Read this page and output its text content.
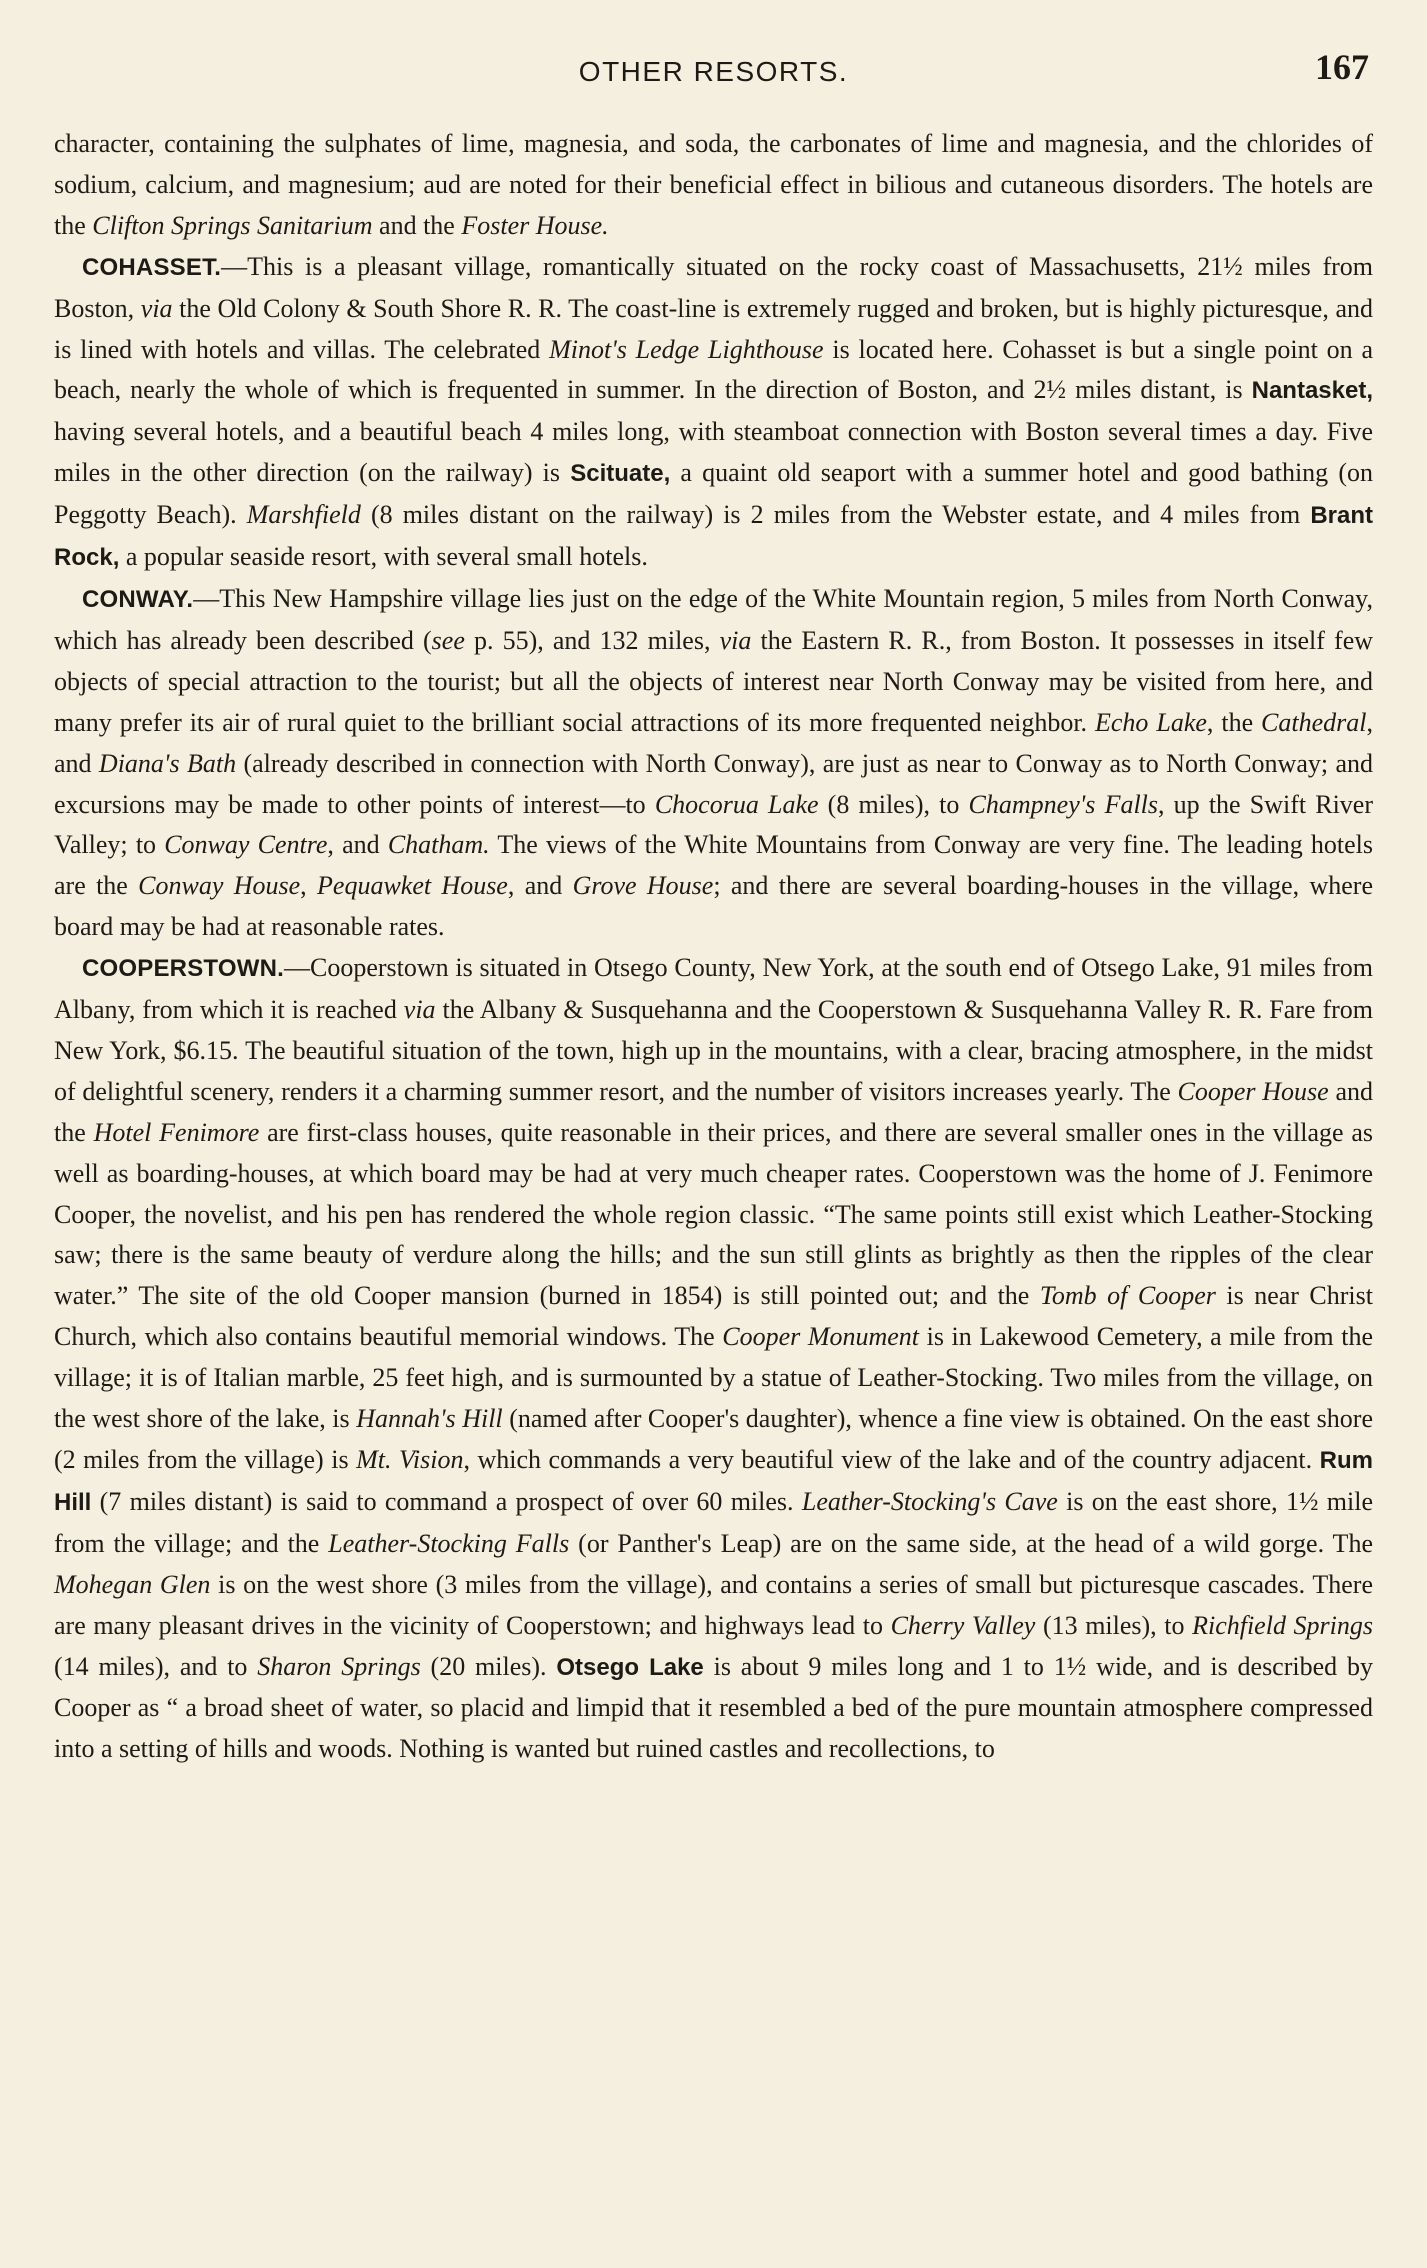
OTHER RESORTS.	167

character, containing the sulphates of lime, magnesia, and soda, the carbonates of lime and magnesia, and the chlorides of sodium, calcium, and magnesium; aud are noted for their beneficial effect in bilious and cutaneous disorders. The hotels are the Clifton Springs Sanitarium and the Foster House.

COHASSET.—This is a pleasant village, romantically situated on the rocky coast of Massachusetts, 21½ miles from Boston, via the Old Colony & South Shore R. R. The coast-line is extremely rugged and broken, but is highly picturesque, and is lined with hotels and villas. The celebrated Minot's Ledge Lighthouse is located here. Cohasset is but a single point on a beach, nearly the whole of which is frequented in summer. In the direction of Boston, and 2½ miles distant, is Nantasket, having several hotels, and a beautiful beach 4 miles long, with steamboat connection with Boston several times a day. Five miles in the other direction (on the railway) is Scituate, a quaint old seaport with a summer hotel and good bathing (on Peggotty Beach). Marshfield (8 miles distant on the railway) is 2 miles from the Webster estate, and 4 miles from Brant Rock, a popular seaside resort, with several small hotels.

CONWAY.—This New Hampshire village lies just on the edge of the White Mountain region, 5 miles from North Conway, which has already been described (see p. 55), and 132 miles, via the Eastern R. R., from Boston. It possesses in itself few objects of special attraction to the tourist; but all the objects of interest near North Conway may be visited from here, and many prefer its air of rural quiet to the brilliant social attractions of its more frequented neighbor. Echo Lake, the Cathedral, and Diana's Bath (already described in connection with North Conway), are just as near to Conway as to North Conway; and excursions may be made to other points of interest—to Chocorua Lake (8 miles), to Champney's Falls, up the Swift River Valley; to Conway Centre, and Chatham. The views of the White Mountains from Conway are very fine. The leading hotels are the Conway House, Pequawket House, and Grove House; and there are several boarding-houses in the village, where board may be had at reasonable rates.

COOPERSTOWN.—Cooperstown is situated in Otsego County, New York, at the south end of Otsego Lake, 91 miles from Albany, from which it is reached via the Albany & Susquehanna and the Cooperstown & Susquehanna Valley R. R. Fare from New York, $6.15. The beautiful situation of the town, high up in the mountains, with a clear, bracing atmosphere, in the midst of delightful scenery, renders it a charming summer resort, and the number of visitors increases yearly. The Cooper House and the Hotel Fenimore are first-class houses, quite reasonable in their prices, and there are several smaller ones in the village as well as boarding-houses, at which board may be had at very much cheaper rates. Cooperstown was the home of J. Fenimore Cooper, the novelist, and his pen has rendered the whole region classic. “The same points still exist which Leather-Stocking saw; there is the same beauty of verdure along the hills; and the sun still glints as brightly as then the ripples of the clear water.” The site of the old Cooper mansion (burned in 1854) is still pointed out; and the Tomb of Cooper is near Christ Church, which also contains beautiful memorial windows. The Cooper Monument is in Lakewood Cemetery, a mile from the village; it is of Italian marble, 25 feet high, and is surmounted by a statue of Leather-Stocking. Two miles from the village, on the west shore of the lake, is Hannah's Hill (named after Cooper's daughter), whence a fine view is obtained. On the east shore (2 miles from the village) is Mt. Vision, which commands a very beautiful view of the lake and of the country adjacent. Rum Hill (7 miles distant) is said to command a prospect of over 60 miles. Leather-Stocking's Cave is on the east shore, 1½ mile from the village; and the Leather-Stocking Falls (or Panther's Leap) are on the same side, at the head of a wild gorge. The Mohegan Glen is on the west shore (3 miles from the village), and contains a series of small but picturesque cascades. There are many pleasant drives in the vicinity of Cooperstown; and highways lead to Cherry Valley (13 miles), to Richfield Springs (14 miles), and to Sharon Springs (20 miles). Otsego Lake is about 9 miles long and 1 to 1½ wide, and is described by Cooper as “ a broad sheet of water, so placid and limpid that it resembled a bed of the pure mountain atmosphere compressed into a setting of hills and woods. Nothing is wanted but ruined castles and recollections, to
